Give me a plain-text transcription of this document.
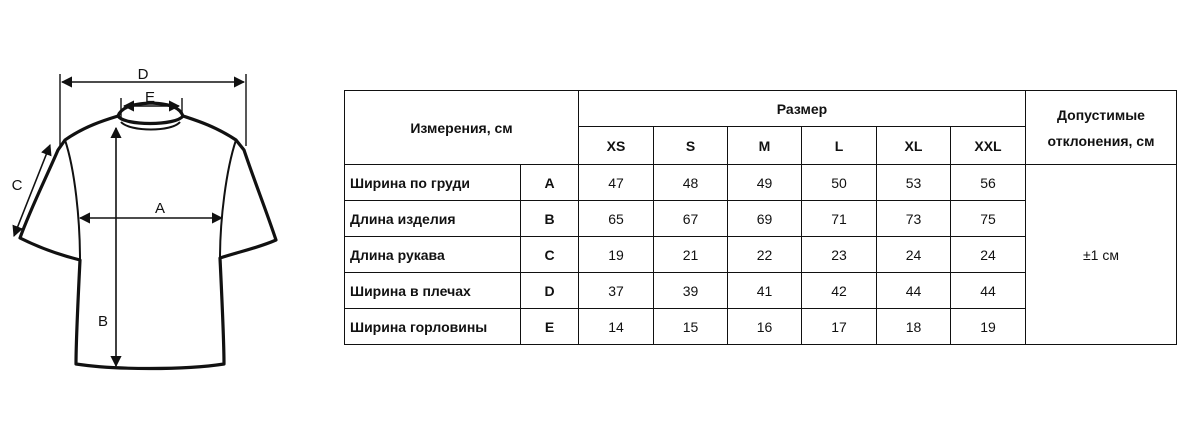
D
E
C
A
B
Измерения, см		Размер						Допустимые отклонения, см
		XS	S	M	L	XL	XXL	
Ширина по груди	A	47	48	49	50	53	56	±1 см
Длина изделия	B	65	67	69	71	73	75	
Длина рукава	C	19	21	22	23	24	24	
Ширина в плечах	D	37	39	41	42	44	44	
Ширина горловины	E	14	15	16	17	18	19	
